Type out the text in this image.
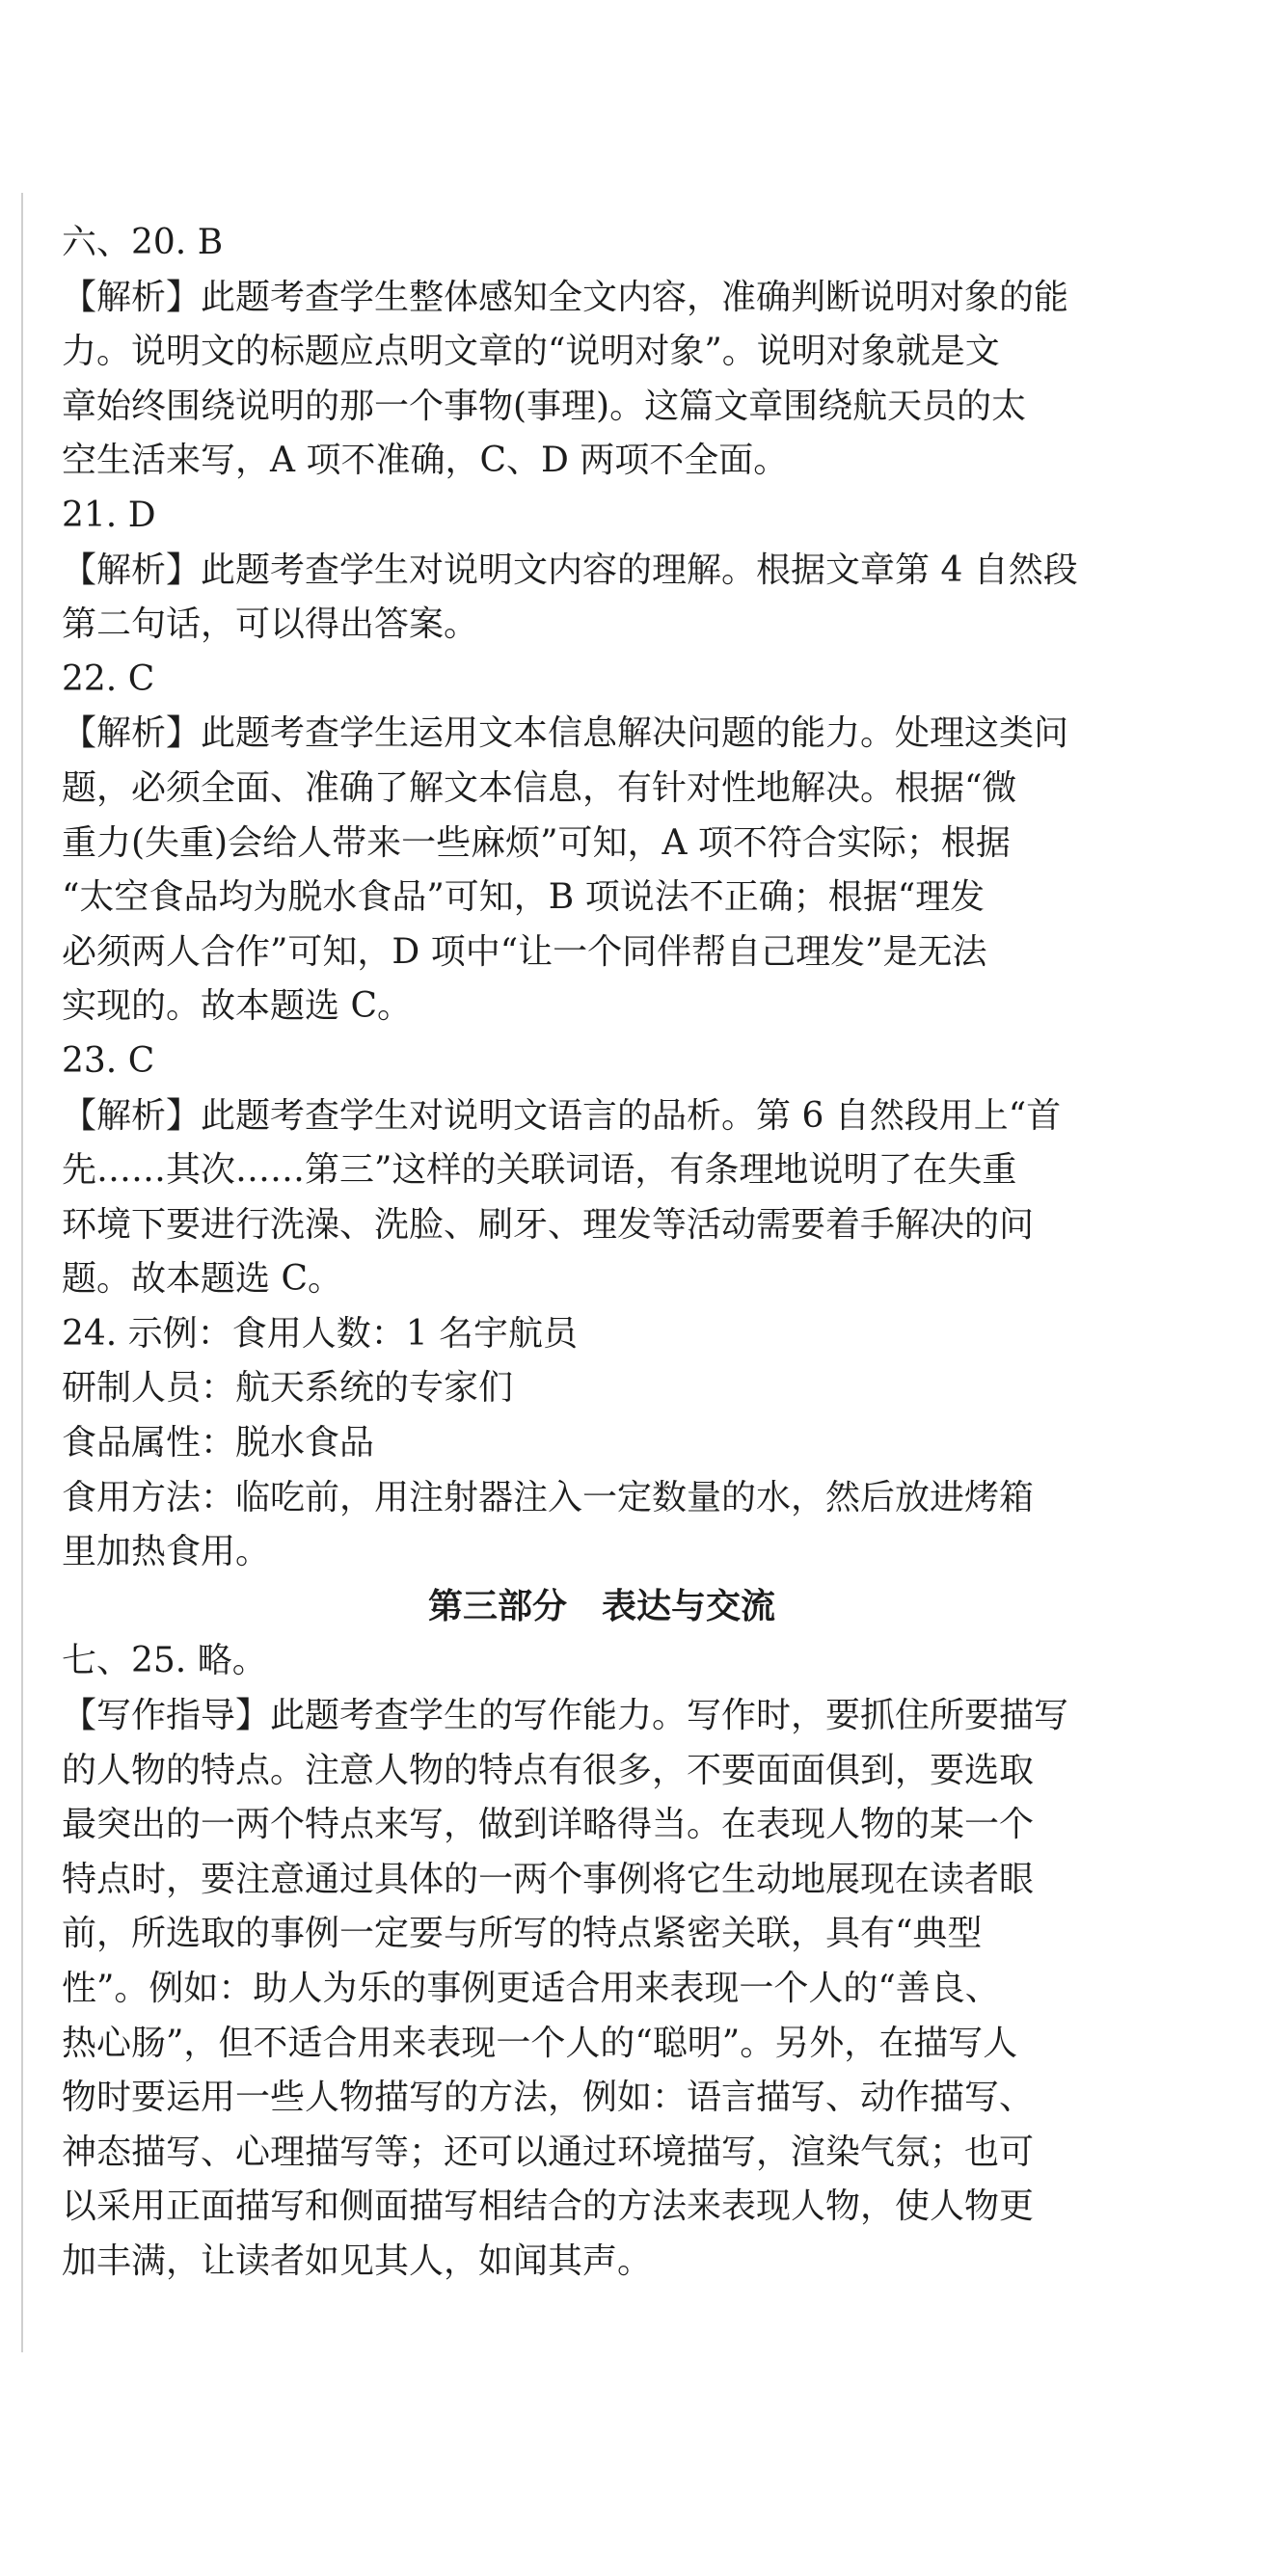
六、20. B
【解析】此题考查学生整体感知全文内容，准确判断说明对象的能
力。说明文的标题应点明文章的“说明对象”。说明对象就是文
章始终围绕说明的那一个事物(事理)。这篇文章围绕航天员的太
空生活来写，A 项不准确，C、D 两项不全面。
21. D
【解析】此题考查学生对说明文内容的理解。根据文章第 4 自然段
第二句话，可以得出答案。
22. C
【解析】此题考查学生运用文本信息解决问题的能力。处理这类问
题，必须全面、准确了解文本信息，有针对性地解决。根据“微
重力(失重)会给人带来一些麻烦”可知，A 项不符合实际；根据
“太空食品均为脱水食品”可知，B 项说法不正确；根据“理发
必须两人合作”可知，D 项中“让一个同伴帮自己理发”是无法
实现的。故本题选 C。
23. C
【解析】此题考查学生对说明文语言的品析。第 6 自然段用上“首
先……其次……第三”这样的关联词语，有条理地说明了在失重
环境下要进行洗澡、洗脸、刷牙、理发等活动需要着手解决的问
题。故本题选 C。
24. 示例：食用人数：1 名宇航员
研制人员：航天系统的专家们
食品属性：脱水食品
食用方法：临吃前，用注射器注入一定数量的水，然后放进烤箱
里加热食用。
第三部分　表达与交流
七、25. 略。
【写作指导】此题考查学生的写作能力。写作时，要抓住所要描写
的人物的特点。注意人物的特点有很多，不要面面俱到，要选取
最突出的一两个特点来写，做到详略得当。在表现人物的某一个
特点时，要注意通过具体的一两个事例将它生动地展现在读者眼
前，所选取的事例一定要与所写的特点紧密关联，具有“典型
性”。例如：助人为乐的事例更适合用来表现一个人的“善良、
热心肠”，但不适合用来表现一个人的“聪明”。另外，在描写人
物时要运用一些人物描写的方法，例如：语言描写、动作描写、
神态描写、心理描写等；还可以通过环境描写，渲染气氛；也可
以采用正面描写和侧面描写相结合的方法来表现人物，使人物更
加丰满，让读者如见其人，如闻其声。
